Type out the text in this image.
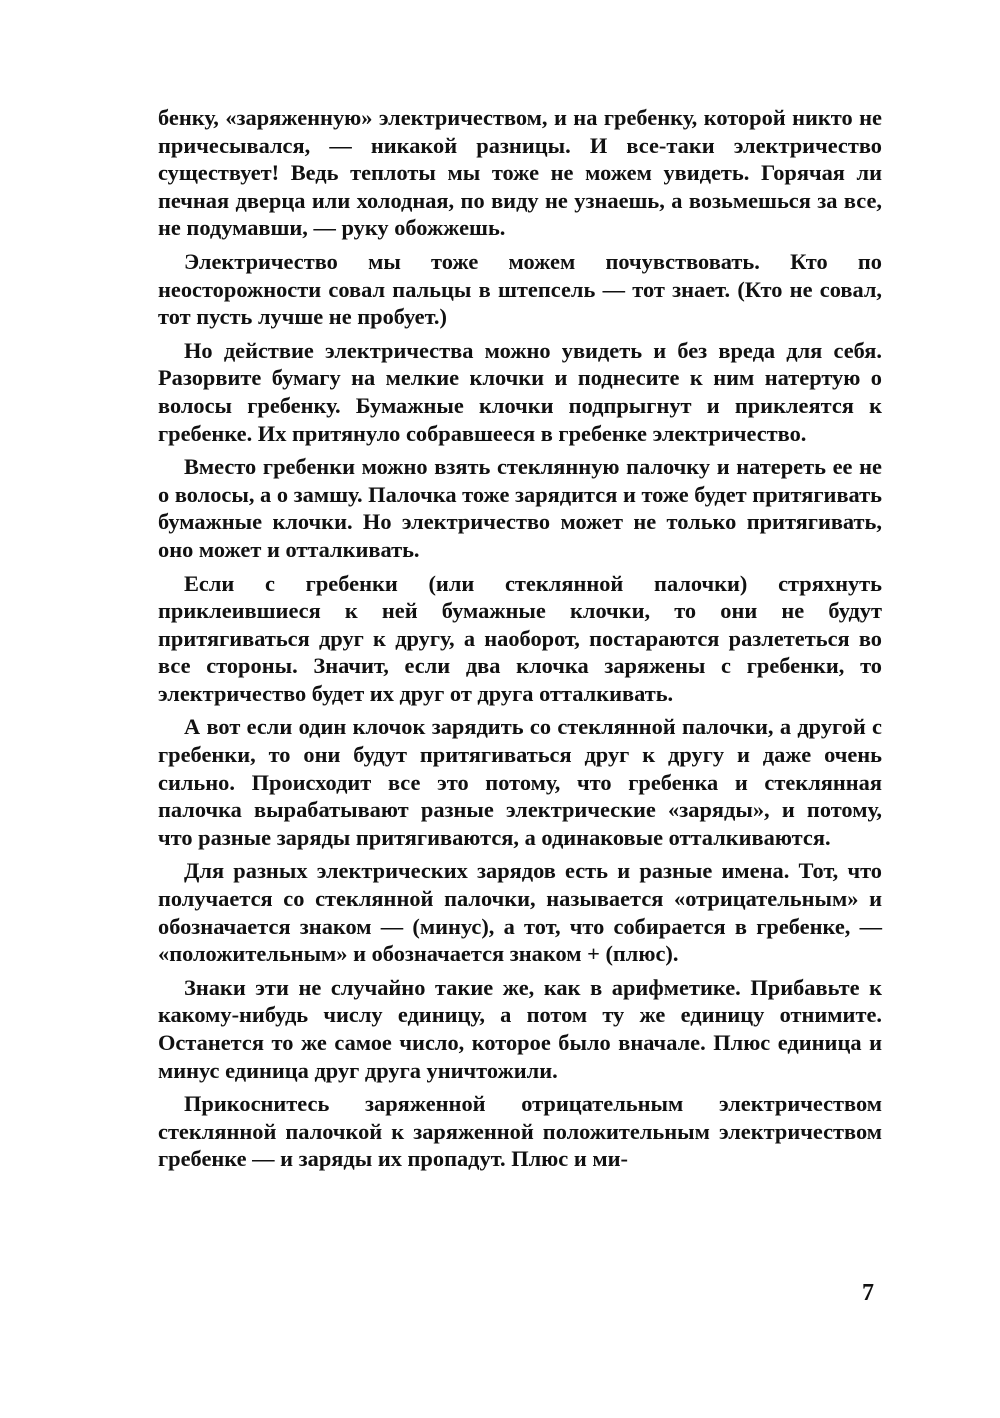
бенку, «заряженную» электричеством, и на гребенку, которой никто не причесывался, — никакой разницы. И все-таки электричество существует! Ведь теплоты мы тоже не можем увидеть. Горячая ли печная дверца или холодная, по виду не узнаешь, а возьмешься за все, не подумавши, — руку обожжешь.

Электричество мы тоже можем почувствовать. Кто по неосторожности совал пальцы в штепсель — тот знает. (Кто не совал, тот пусть лучше не пробует.)

Но действие электричества можно увидеть и без вреда для себя. Разорвите бумагу на мелкие клочки и поднесите к ним натертую о волосы гребенку. Бумажные клочки подпрыгнут и приклеятся к гребенке. Их притянуло собравшееся в гребенке электричество.

Вместо гребенки можно взять стеклянную палочку и натереть ее не о волосы, а о замшу. Палочка тоже зарядится и тоже будет притягивать бумажные клочки. Но электричество может не только притягивать, оно может и отталкивать.

Если с гребенки (или стеклянной палочки) стряхнуть приклеившиеся к ней бумажные клочки, то они не будут притягиваться друг к другу, а наоборот, постараются разлететься во все стороны. Значит, если два клочка заряжены с гребенки, то электричество будет их друг от друга отталкивать.

А вот если один клочок зарядить со стеклянной палочки, а другой с гребенки, то они будут притягиваться друг к другу и даже очень сильно. Происходит все это потому, что гребенка и стеклянная палочка вырабатывают разные электрические «заряды», и потому, что разные заряды притягиваются, а одинаковые отталкиваются.

Для разных электрических зарядов есть и разные имена. Тот, что получается со стеклянной палочки, называется «отрицательным» и обозначается знаком — (минус), а тот, что собирается в гребенке, — «положительным» и обозначается знаком + (плюс).

Знаки эти не случайно такие же, как в арифметике. Прибавьте к какому-нибудь числу единицу, а потом ту же единицу отнимите. Останется то же самое число, которое было вначале. Плюс единица и минус единица друг друга уничтожили.

Прикоснитесь заряженной отрицательным электричеством стеклянной палочкой к заряженной положительным электричеством гребенке — и заряды их пропадут. Плюс и ми-

7
